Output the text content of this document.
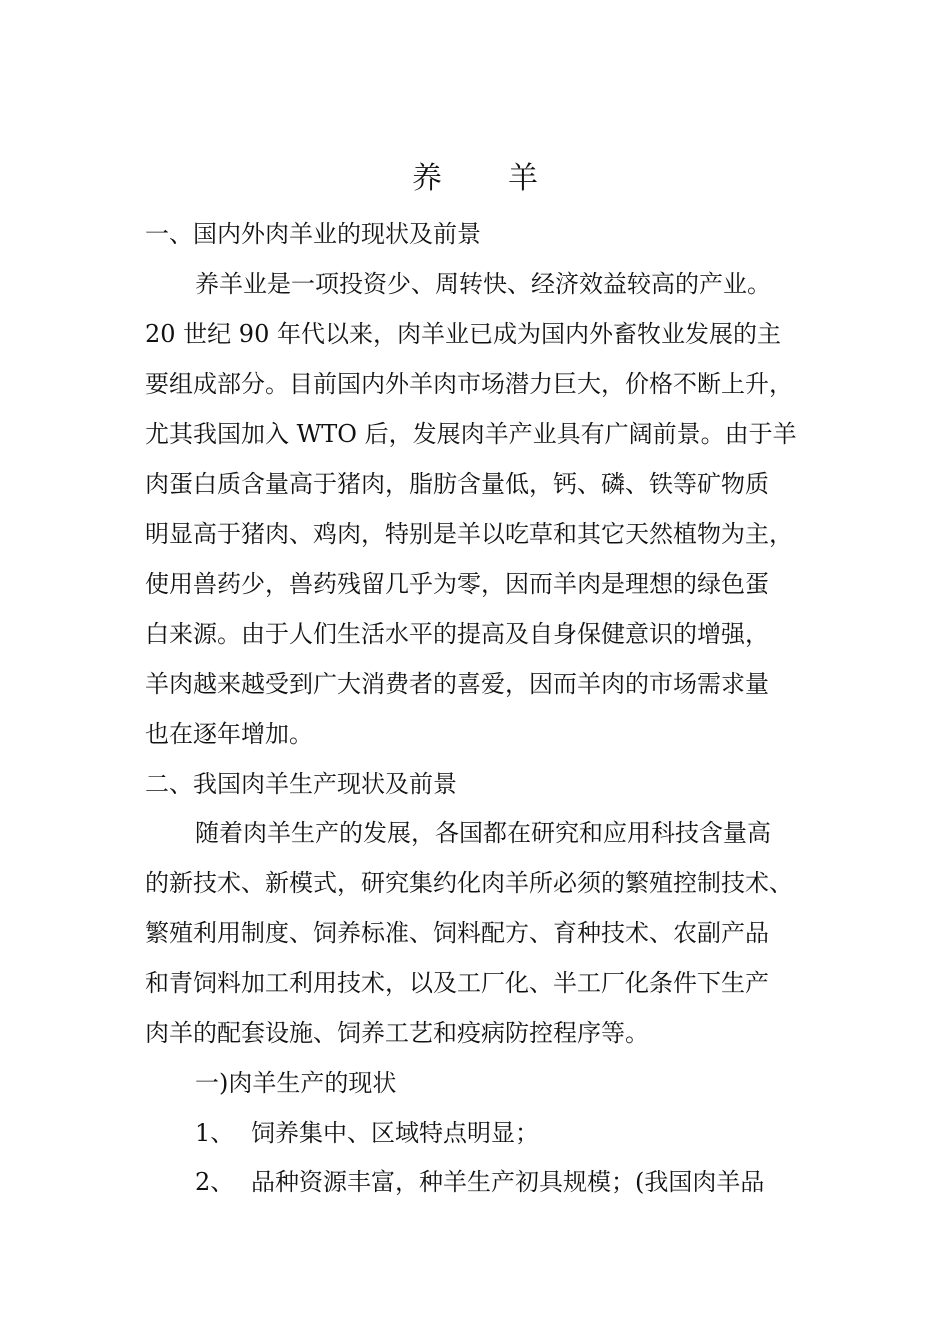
养　羊
一、国内外肉羊业的现状及前景
养羊业是一项投资少、周转快、经济效益较高的产业。
20 世纪 90 年代以来，肉羊业已成为国内外畜牧业发展的主
要组成部分。目前国内外羊肉市场潜力巨大，价格不断上升，
尤其我国加入 WTO 后，发展肉羊产业具有广阔前景。由于羊
肉蛋白质含量高于猪肉，脂肪含量低，钙、磷、铁等矿物质
明显高于猪肉、鸡肉，特别是羊以吃草和其它天然植物为主，
使用兽药少，兽药残留几乎为零，因而羊肉是理想的绿色蛋
白来源。由于人们生活水平的提高及自身保健意识的增强，
羊肉越来越受到广大消费者的喜爱，因而羊肉的市场需求量
也在逐年增加。
二、我国肉羊生产现状及前景
随着肉羊生产的发展，各国都在研究和应用科技含量高
的新技术、新模式，研究集约化肉羊所必须的繁殖控制技术、
繁殖利用制度、饲养标准、饲料配方、育种技术、农副产品
和青饲料加工利用技术，以及工厂化、半工厂化条件下生产
肉羊的配套设施、饲养工艺和疫病防控程序等。
一)肉羊生产的现状
1、 饲养集中、区域特点明显；
2、 品种资源丰富，种羊生产初具规模；(我国肉羊品
